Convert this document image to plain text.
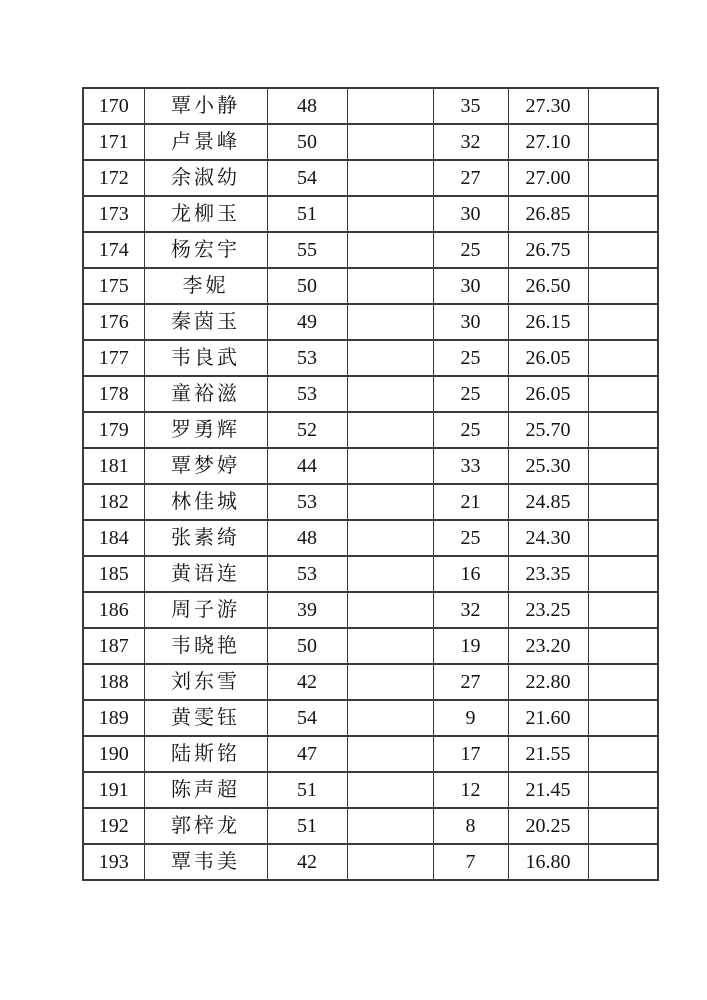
170	覃小静	48		35	27.30	
171	卢景峰	50		32	27.10	
172	余淑幼	54		27	27.00	
173	龙柳玉	51		30	26.85	
174	杨宏宇	55		25	26.75	
175	李妮	50		30	26.50	
176	秦茵玉	49		30	26.15	
177	韦良武	53		25	26.05	
178	童裕滋	53		25	26.05	
179	罗勇辉	52		25	25.70	
181	覃梦婷	44		33	25.30	
182	林佳城	53		21	24.85	
184	张素绮	48		25	24.30	
185	黄语连	53		16	23.35	
186	周子游	39		32	23.25	
187	韦晓艳	50		19	23.20	
188	刘东雪	42		27	22.80	
189	黄雯钰	54		9	21.60	
190	陆斯铭	47		17	21.55	
191	陈声超	51		12	21.45	
192	郭梓龙	51		8	20.25	
193	覃韦美	42		7	16.80	
